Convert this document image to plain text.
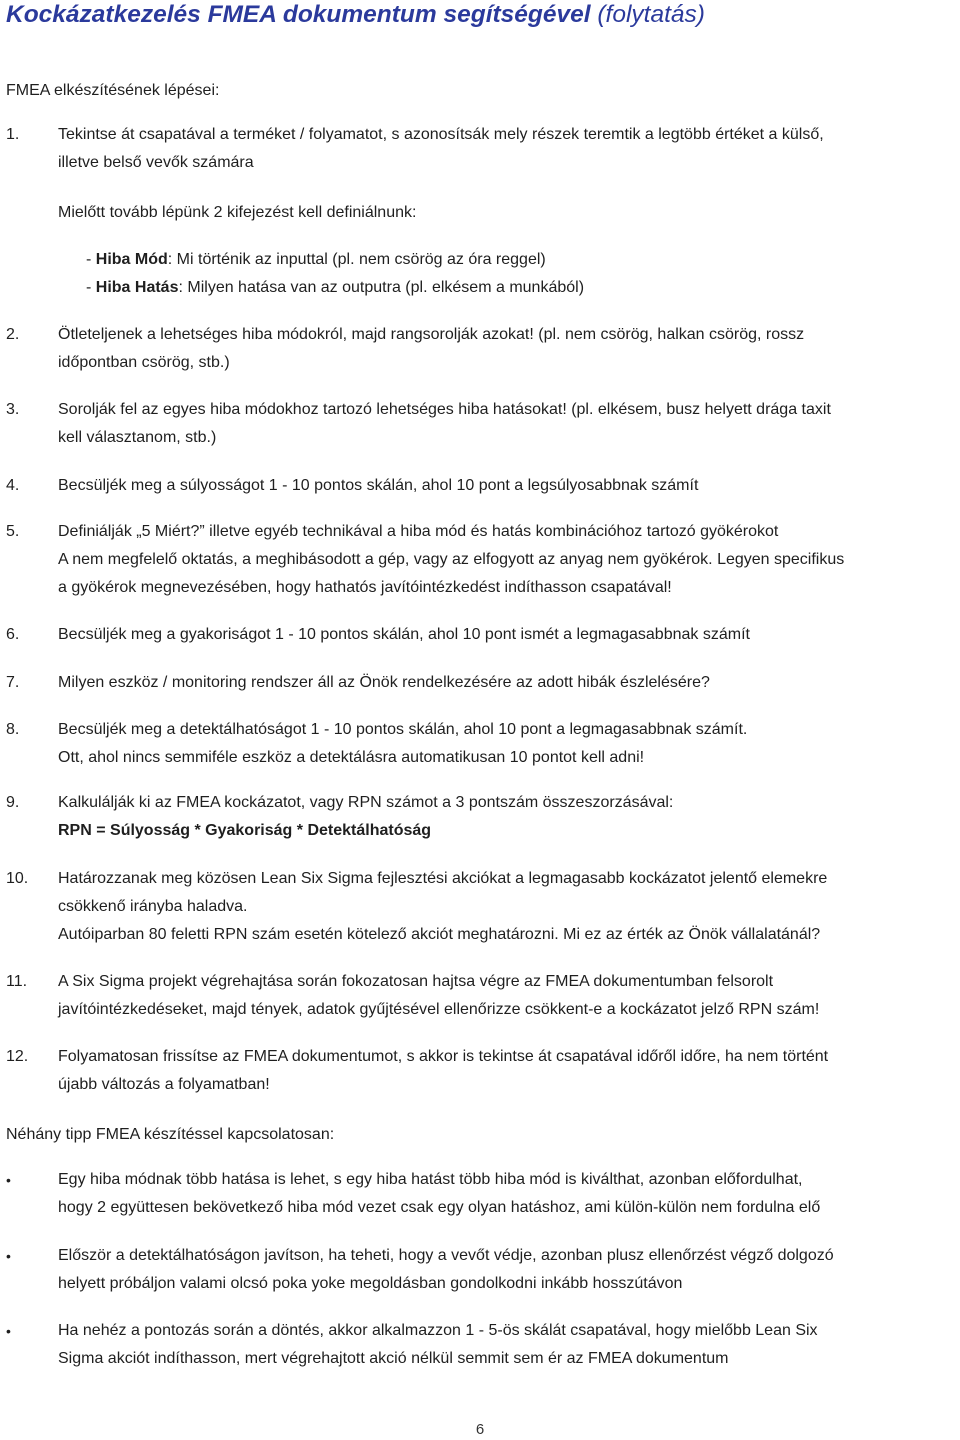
Kockázatkezelés FMEA dokumentum segítségével (folytatás)
FMEA elkészítésének lépései:
1. Tekintse át csapatával a terméket / folyamatot, s azonosítsák mely részek teremtik a legtöbb értéket a külső,
illetve belső vevők számára
Mielőtt tovább lépünk 2 kifejezést kell definiálnunk:
- Hiba Mód: Mi történik az inputtal (pl. nem csörög az óra reggel)
- Hiba Hatás: Milyen hatása van az outputra (pl. elkésem a munkából)
2. Ötleteljenek a lehetséges hiba módokról, majd rangsorolják azokat! (pl. nem csörög, halkan csörög, rossz
időpontban csörög, stb.)
3. Sorolják fel az egyes hiba módokhoz tartozó lehetséges hiba hatásokat! (pl. elkésem, busz helyett drága taxit
kell választanom, stb.)
4. Becsüljék meg a súlyosságot 1 - 10 pontos skálán, ahol 10 pont a legsúlyosabbnak számít
5. Definiálják „5 Miért?” illetve egyéb technikával a hiba mód és hatás kombinációhoz tartozó gyökérokot
A nem megfelelő oktatás, a meghibásodott a gép, vagy az elfogyott az anyag nem gyökérok. Legyen specifikus
a gyökérok megnevezésében, hogy hathatós javítóintézkedést indíthasson csapatával!
6. Becsüljék meg a gyakoriságot 1 - 10 pontos skálán, ahol 10 pont ismét a legmagasabbnak számít
7. Milyen eszköz / monitoring rendszer áll az Önök rendelkezésére az adott hibák észlelésére?
8. Becsüljék meg a detektálhatóságot 1 - 10 pontos skálán, ahol 10 pont a legmagasabbnak számít.
Ott, ahol nincs semmiféle eszköz a detektálásra automatikusan 10 pontot kell adni!
9. Kalkulálják ki az FMEA kockázatot, vagy RPN számot a 3 pontszám összeszorzásával:
RPN = Súlyosság * Gyakoriság * Detektálhatóság
10. Határozzanak meg közösen Lean Six Sigma fejlesztési akciókat a legmagasabb kockázatot jelentő elemekre
csökkenő irányba haladva.
Autóiparban 80 feletti RPN szám esetén kötelező akciót meghatározni. Mi ez az érték az Önök vállalatánál?
11. A Six Sigma projekt végrehajtása során fokozatosan hajtsa végre az FMEA dokumentumban felsorolt
javítóintézkedéseket, majd tények, adatok gyűjtésével ellenőrizze csökkent-e a kockázatot jelző RPN szám!
12. Folyamatosan frissítse az FMEA dokumentumot, s akkor is tekintse át csapatával időről időre, ha nem történt
újabb változás a folyamatban!
Néhány tipp FMEA készítéssel kapcsolatosan:
•	Egy hiba módnak több hatása is lehet, s egy hiba hatást több hiba mód is kiválthat, azonban előfordulhat,
hogy 2 együttesen bekövetkező hiba mód vezet csak egy olyan hatáshoz, ami külön-külön nem fordulna elő
•	Először a detektálhatóságon javítson, ha teheti, hogy a vevőt védje, azonban plusz ellenőrzést végző dolgozó
helyett próbáljon valami olcsó poka yoke megoldásban gondolkodni inkább hosszútávon
•	Ha nehéz a pontozás során a döntés, akkor alkalmazzon 1 - 5-ös skálát csapatával, hogy mielőbb Lean Six
Sigma akciót indíthasson, mert végrehajtott akció nélkül semmit sem ér az FMEA dokumentum
6
